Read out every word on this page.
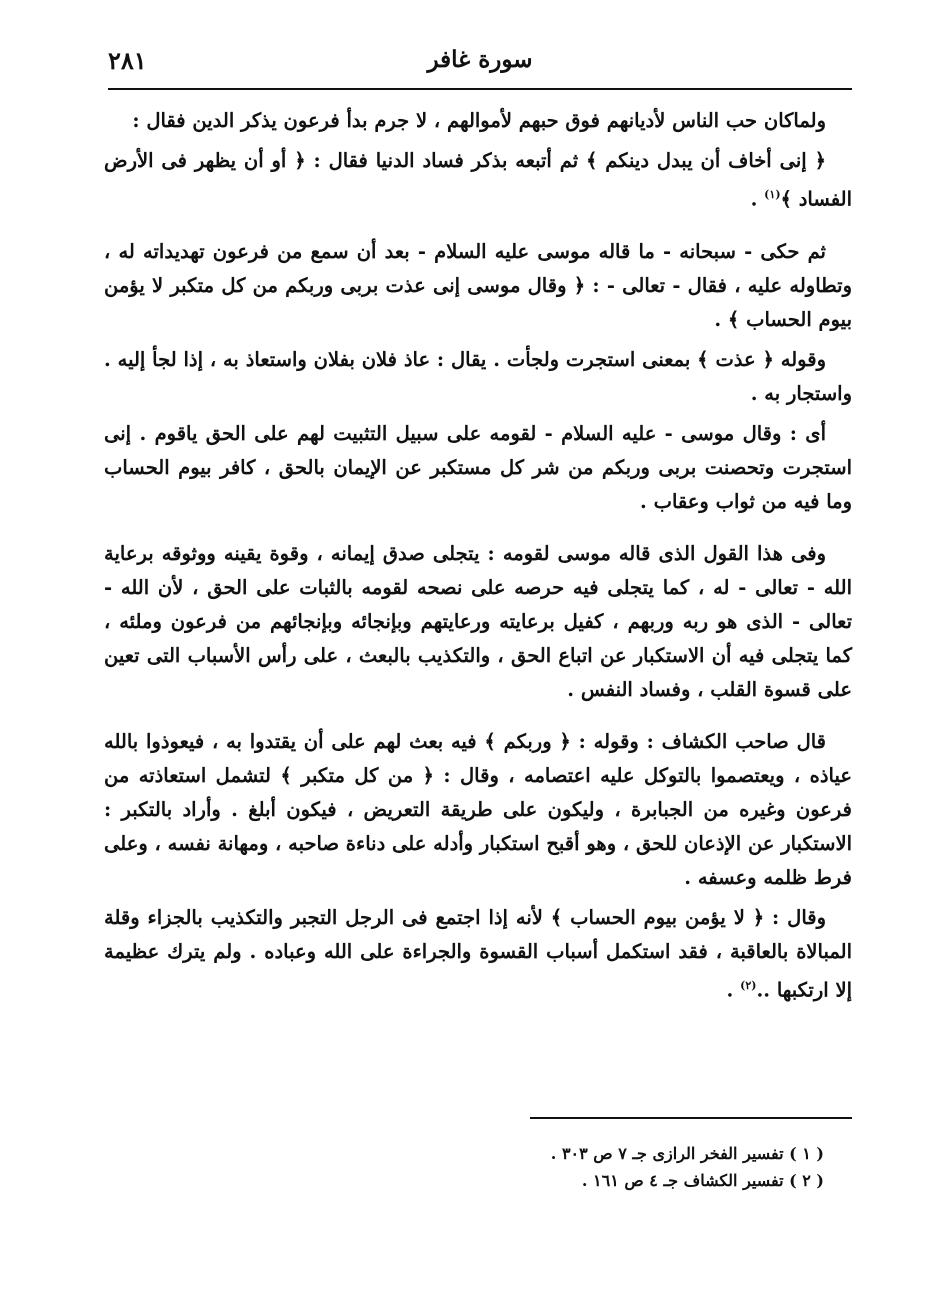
٢٨١	سورة غافر

ولماكان حب الناس لأديانهم فوق حبهم لأموالهم ، لا جرم بدأ فرعون يذكر الدين فقال :

﴿ إنى أخاف أن يبدل دينكم ﴾ ثم أتبعه بذكر فساد الدنيا فقال : ﴿ أو أن يظهر فى الأرض الفساد ﴾$^{(١)}$ .

ثم حكى - سبحانه - ما قاله موسى عليه السلام - بعد أن سمع من فرعون تهديداته له ، وتطاوله عليه ، فقال - تعالى - : ﴿ وقال موسى إنى عذت بربى وربكم من كل متكبر لا يؤمن بيوم الحساب ﴾ .

وقوله ﴿ عذت ﴾ بمعنى استجرت ولجأت . يقال : عاذ فلان بفلان واستعاذ به ، إذا لجأ إليه . واستجار به .

أى : وقال موسى - عليه السلام - لقومه على سبيل التثبيت لهم على الحق ياقوم . إنى استجرت وتحصنت بربى وربكم من شر كل مستكبر عن الإيمان بالحق ، كافر بيوم الحساب وما فيه من ثواب وعقاب .

وفى هذا القول الذى قاله موسى لقومه : يتجلى صدق إيمانه ، وقوة يقينه ووثوقه برعاية الله - تعالى - له ، كما يتجلى فيه حرصه على نصحه لقومه بالثبات على الحق ، لأن الله - تعالى - الذى هو ربه وربهم ، كفيل برعايته ورعايتهم وبإنجائه وبإنجائهم من فرعون وملئه ، كما يتجلى فيه أن الاستكبار عن اتباع الحق ، والتكذيب بالبعث ، على رأس الأسباب التى تعين على قسوة القلب ، وفساد النفس .

قال صاحب الكشاف : وقوله : ﴿ وربكم ﴾ فيه بعث لهم على أن يقتدوا به ، فيعوذوا بالله عياذه ، ويعتصموا بالتوكل عليه اعتصامه ، وقال : ﴿ من كل متكبر ﴾ لتشمل استعاذته من فرعون وغيره من الجبابرة ، وليكون على طريقة التعريض ، فيكون أبلغ . وأراد بالتكبر : الاستكبار عن الإذعان للحق ، وهو أقبح استكبار وأدله على دناءة صاحبه ، ومهانة نفسه ، وعلى فرط ظلمه وعسفه .

وقال : ﴿ لا يؤمن بيوم الحساب ﴾ لأنه إذا اجتمع فى الرجل التجبر والتكذيب بالجزاء وقلة المبالاة بالعاقبة ، فقد استكمل أسباب القسوة والجراءة على الله وعباده . ولم يترك عظيمة إلا ارتكبها ..$^{(٢)}$ .

( ١ ) تفسير الفخر الرازى جـ ٧ ص ٣٠٣ .
( ٢ ) تفسير الكشاف جـ ٤ ص ١٦١ .
